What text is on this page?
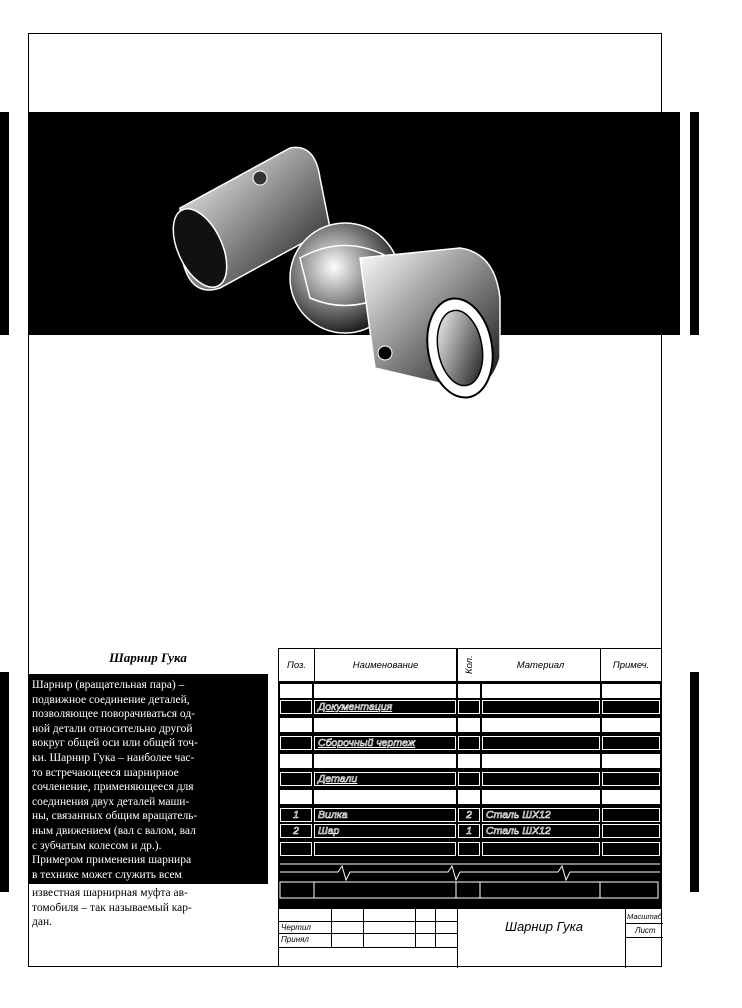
Шарнир Гука
Шарнир (вращательная пара) –
подвижное соединение деталей,
позволяющее поворачиваться од-
ной детали относительно другой
вокруг общей оси или общей точ-
ки. Шарнир Гука – наиболее час-
то встречающееся шарнирное
сочленение, применяющееся для
соединения двух деталей маши-
ны, связанных общим вращатель-
ным движением (вал с валом, вал
с зубчатым колесом и др.).
Примером применения шарнира
в технике может служить всем
известная шарнирная муфта ав-
томобиля – так называемый кар-
дан.
Поз.	Наименование	Кол.	Материал	Примеч.
Документация
Сборочный чертеж
Детали
1	Вилка	2	Сталь ШХ12
2	Шар	1	Сталь ШХ12
Чертил
Принял
Шарнир Гука
Масштаб
Лист
